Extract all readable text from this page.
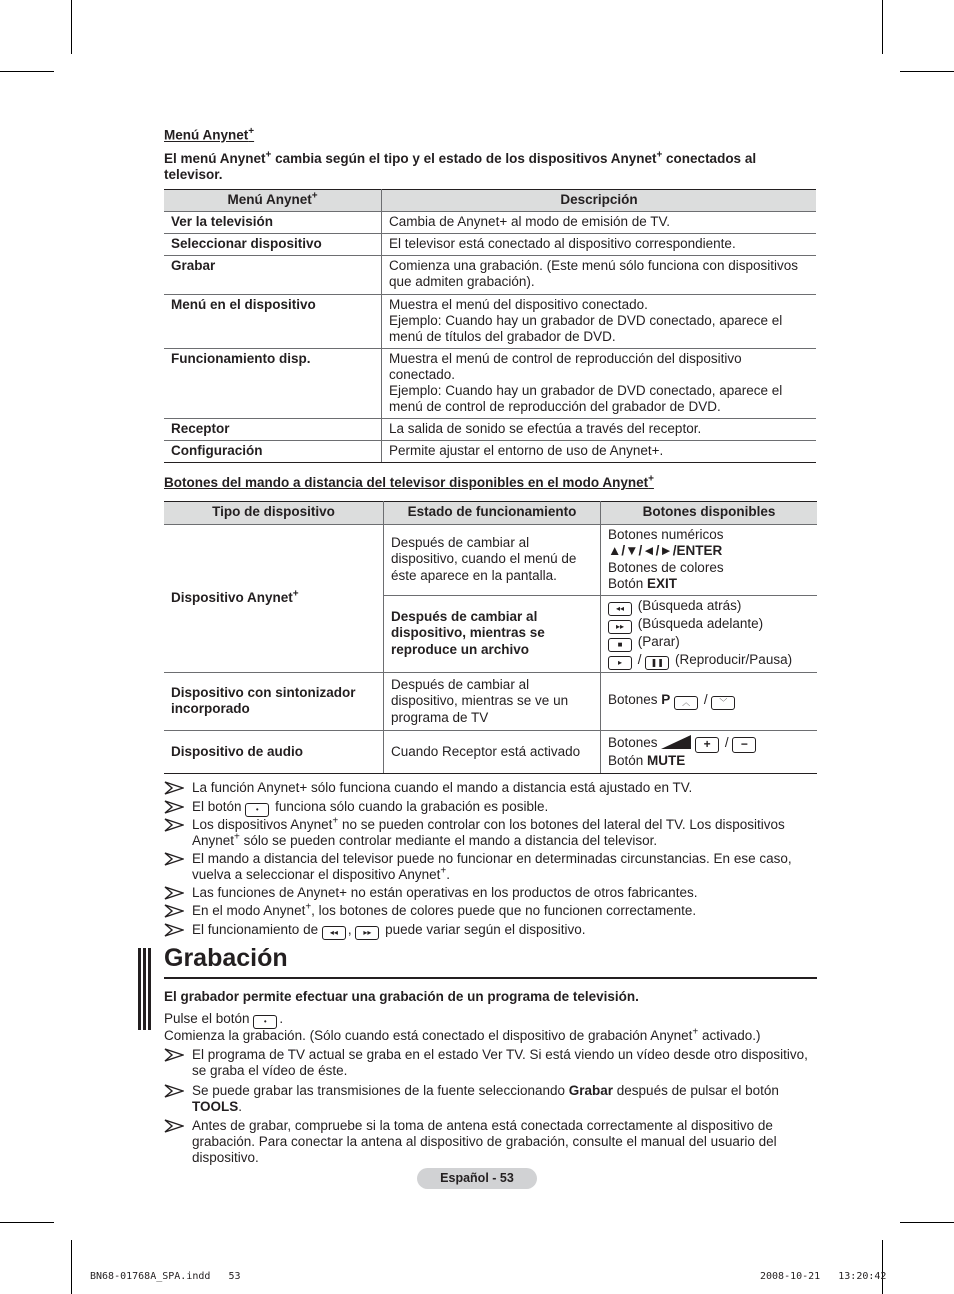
Menú Anynet+
El menú Anynet+ cambia según el tipo y el estado de los dispositivos Anynet+ conectados al televisor.
Menú Anynet+	Descripción
Ver la televisión	Cambia de Anynet+ al modo de emisión de TV.
Seleccionar dispositivo	El televisor está conectado al dispositivo correspondiente.
Grabar	Comienza una grabación. (Este menú sólo funciona con dispositivos que admiten grabación).
Menú en el dispositivo	Muestra el menú del dispositivo conectado.
Ejemplo: Cuando hay un grabador de DVD conectado, aparece el menú de títulos del grabador de DVD.

Funcionamiento disp.	Muestra el menú de control de reproducción del dispositivo conectado.
Ejemplo: Cuando hay un grabador de DVD conectado, aparece el menú de control de reproducción del grabador de DVD.

Receptor	La salida de sonido se efectúa a través del receptor.
Configuración	Permite ajustar el entorno de uso de Anynet+.
Botones del mando a distancia del televisor disponibles en el modo Anynet+
Tipo de dispositivo	Estado de funcionamiento	Botones disponibles
Dispositivo Anynet+	Después de cambiar al dispositivo, cuando el menú de éste aparece en la pantalla.	Botones numéricos
▲/▼/◄/►/ENTER
Botones de colores
Botón EXIT

	Después de cambiar al dispositivo, mientras se reproduce un archivo	◂◂ (Búsqueda atrás)
▸▸ (Búsqueda adelante)
■ (Parar)
▸ / ❚❚ (Reproducir/Pausa)

Dispositivo con sintonizador incorporado	Después de cambiar al dispositivo, mientras se ve un programa de TV	Botones P ︿ / ﹀
Dispositivo de audio	Cuando Receptor está activado	Botones + / −
Botón MUTE
La función Anynet+ sólo funciona cuando el mando a distancia está ajustado en TV.
El botón • funciona sólo cuando la grabación es posible.
Los dispositivos Anynet+ no se pueden controlar con los botones del lateral del TV. Los dispositivos Anynet+ sólo se pueden controlar mediante el mando a distancia del televisor.
El mando a distancia del televisor puede no funcionar en determinadas circunstancias. En ese caso, vuelva a seleccionar el dispositivo Anynet+.
Las funciones de Anynet+ no están operativas en los productos de otros fabricantes.
En el modo Anynet+, los botones de colores puede que no funcionen correctamente.
El funcionamiento de ◂◂ , ▸▸ puede variar según el dispositivo.
Grabación
El grabador permite efectuar una grabación de un programa de televisión.
Pulse el botón • .
Comienza la grabación. (Sólo cuando está conectado el dispositivo de grabación Anynet+ activado.)
El programa de TV actual se graba en el estado Ver TV. Si está viendo un vídeo desde otro dispositivo, se graba el vídeo de éste.
Se puede grabar las transmisiones de la fuente seleccionando Grabar después de pulsar el botón TOOLS.
Antes de grabar, compruebe si la toma de antena está conectada correctamente al dispositivo de grabación. Para conectar la antena al dispositivo de grabación, consulte el manual del usuario del dispositivo.
Español - 53
BN68-01768A_SPA.indd   53	2008-10-21   13:20:42
